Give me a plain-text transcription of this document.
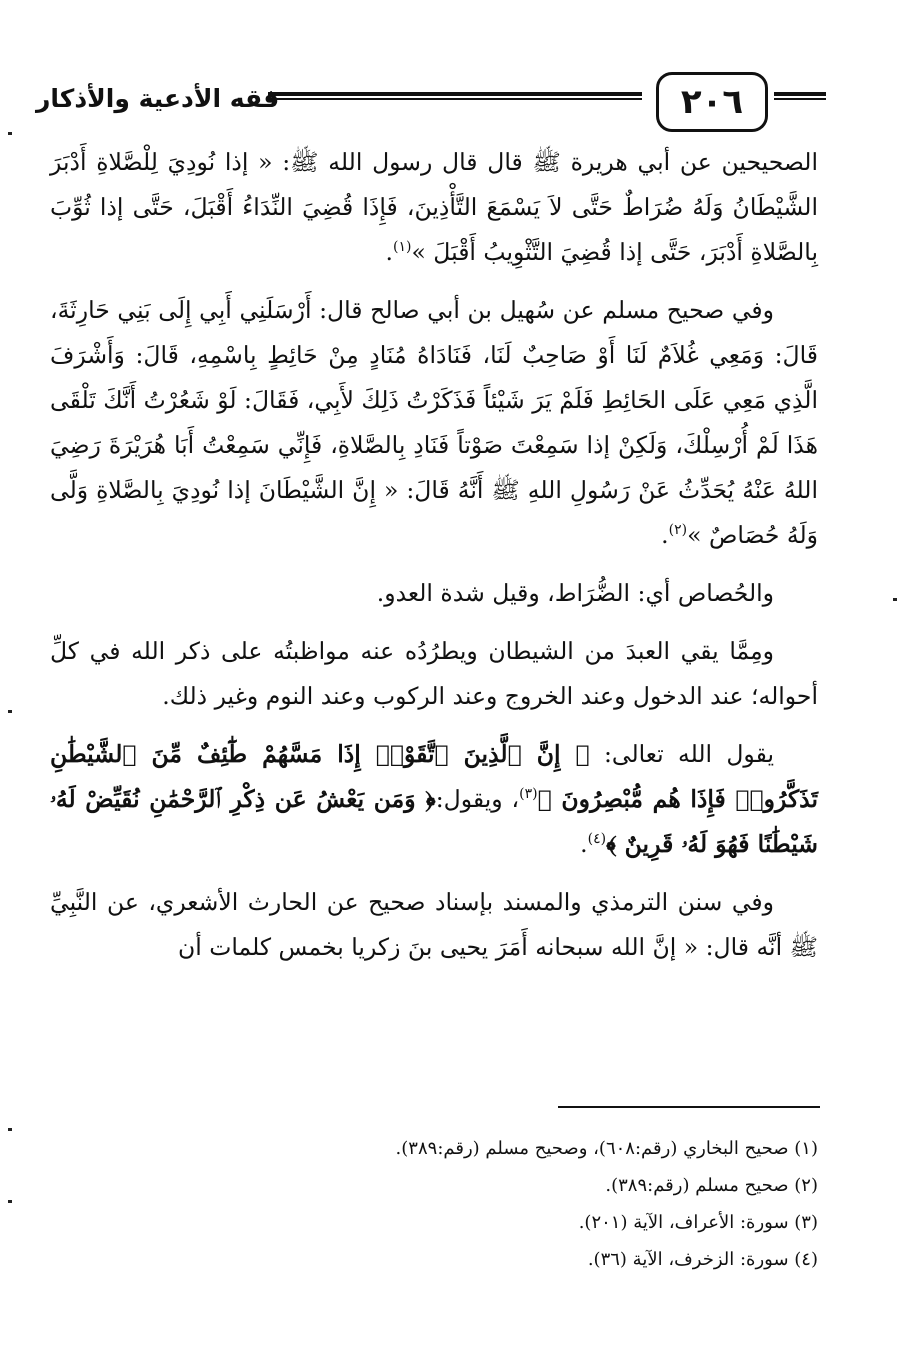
فقه الأدعية والأذكار	٢٠٦

الصحيحين عن أبي هريرة ﷺ قال قال رسول الله ﷺ: « إذا نُودِيَ لِلْصَّلاةِ أَدْبَرَ الشَّيْطَانُ وَلَهُ ضُرَاطٌ حَتَّى لاَ يَسْمَعَ التَّأْذِينَ، فَإِذَا قُضِيَ النِّدَاءُ أَقْبَلَ، حَتَّى إذا ثُوِّبَ بِالصَّلاةِ أَدْبَرَ، حَتَّى إذا قُضِيَ التَّثْوِيبُ أَقْبَلَ »$^{(١)}$.

وفي صحيح مسلم عن سُهيل بن أبي صالح قال: أَرْسَلَنِي أَبِي إِلَى بَنِي حَارِثَةَ، قَالَ: وَمَعِي غُلاَمٌ لَنَا أَوْ صَاحِبٌ لَنَا، فَنَادَاهُ مُنَادٍ مِنْ حَائِطٍ بِاسْمِهِ، قَالَ: وَأَشْرَفَ الَّذِي مَعِي عَلَى الحَائِطِ فَلَمْ يَرَ شَيْئاً فَذَكَرْتُ ذَلِكَ لأَبِي، فَقَالَ: لَوْ شَعُرْتُ أَنَّكَ تَلْقَى هَذَا لَمْ أُرْسِلْكَ، وَلَكِنْ إذا سَمِعْتَ صَوْتاً فَنَادِ بِالصَّلاةِ، فَإِنِّي سَمِعْتُ أَبَا هُرَيْرَةَ رَضِيَ اللهُ عَنْهُ يُحَدِّثُ عَنْ رَسُولِ اللهِ ﷺ أَنَّهُ قَالَ: « إِنَّ الشَّيْطَانَ إذا نُودِيَ بِالصَّلاةِ وَلَّى وَلَهُ حُصَاصٌ »$^{(٢)}$.

والحُصاص أي: الضُّرَاط، وقيل شدة العدو.

ومِمَّا يقي العبدَ من الشيطان ويطرُدُه عنه مواظبتُه على ذكر الله في كلِّ أحواله؛ عند الدخول وعند الخروج وعند الركوب وعند النوم وغير ذلك.

يقول الله تعالى: ﴿ إِنَّ ٱلَّذِينَ ٱتَّقَوْا۟ إِذَا مَسَّهُمْ طَٰٓئِفٌ مِّنَ ٱلشَّيْطَٰنِ تَذَكَّرُوا۟ فَإِذَا هُم مُّبْصِرُونَ ﴾$^{(٣)}$، ويقول:﴿ وَمَن يَعْشُ عَن ذِكْرِ ٱلرَّحْمَٰنِ نُقَيِّضْ لَهُۥ شَيْطَٰنًا فَهُوَ لَهُۥ قَرِينٌ ﴾$^{(٤)}$.

وفي سنن الترمذي والمسند بإسناد صحيح عن الحارث الأشعري، عن النَّبِيِّ ﷺ أنَّه قال: « إنَّ الله سبحانه أَمَرَ يحيى بنَ زكريا بخمس كلمات أن

(١) صحيح البخاري (رقم:٦٠٨)، وصحيح مسلم (رقم:٣٨٩).

(٢) صحيح مسلم (رقم:٣٨٩).

(٣) سورة: الأعراف، الآية (٢٠١).

(٤) سورة: الزخرف، الآية (٣٦).
